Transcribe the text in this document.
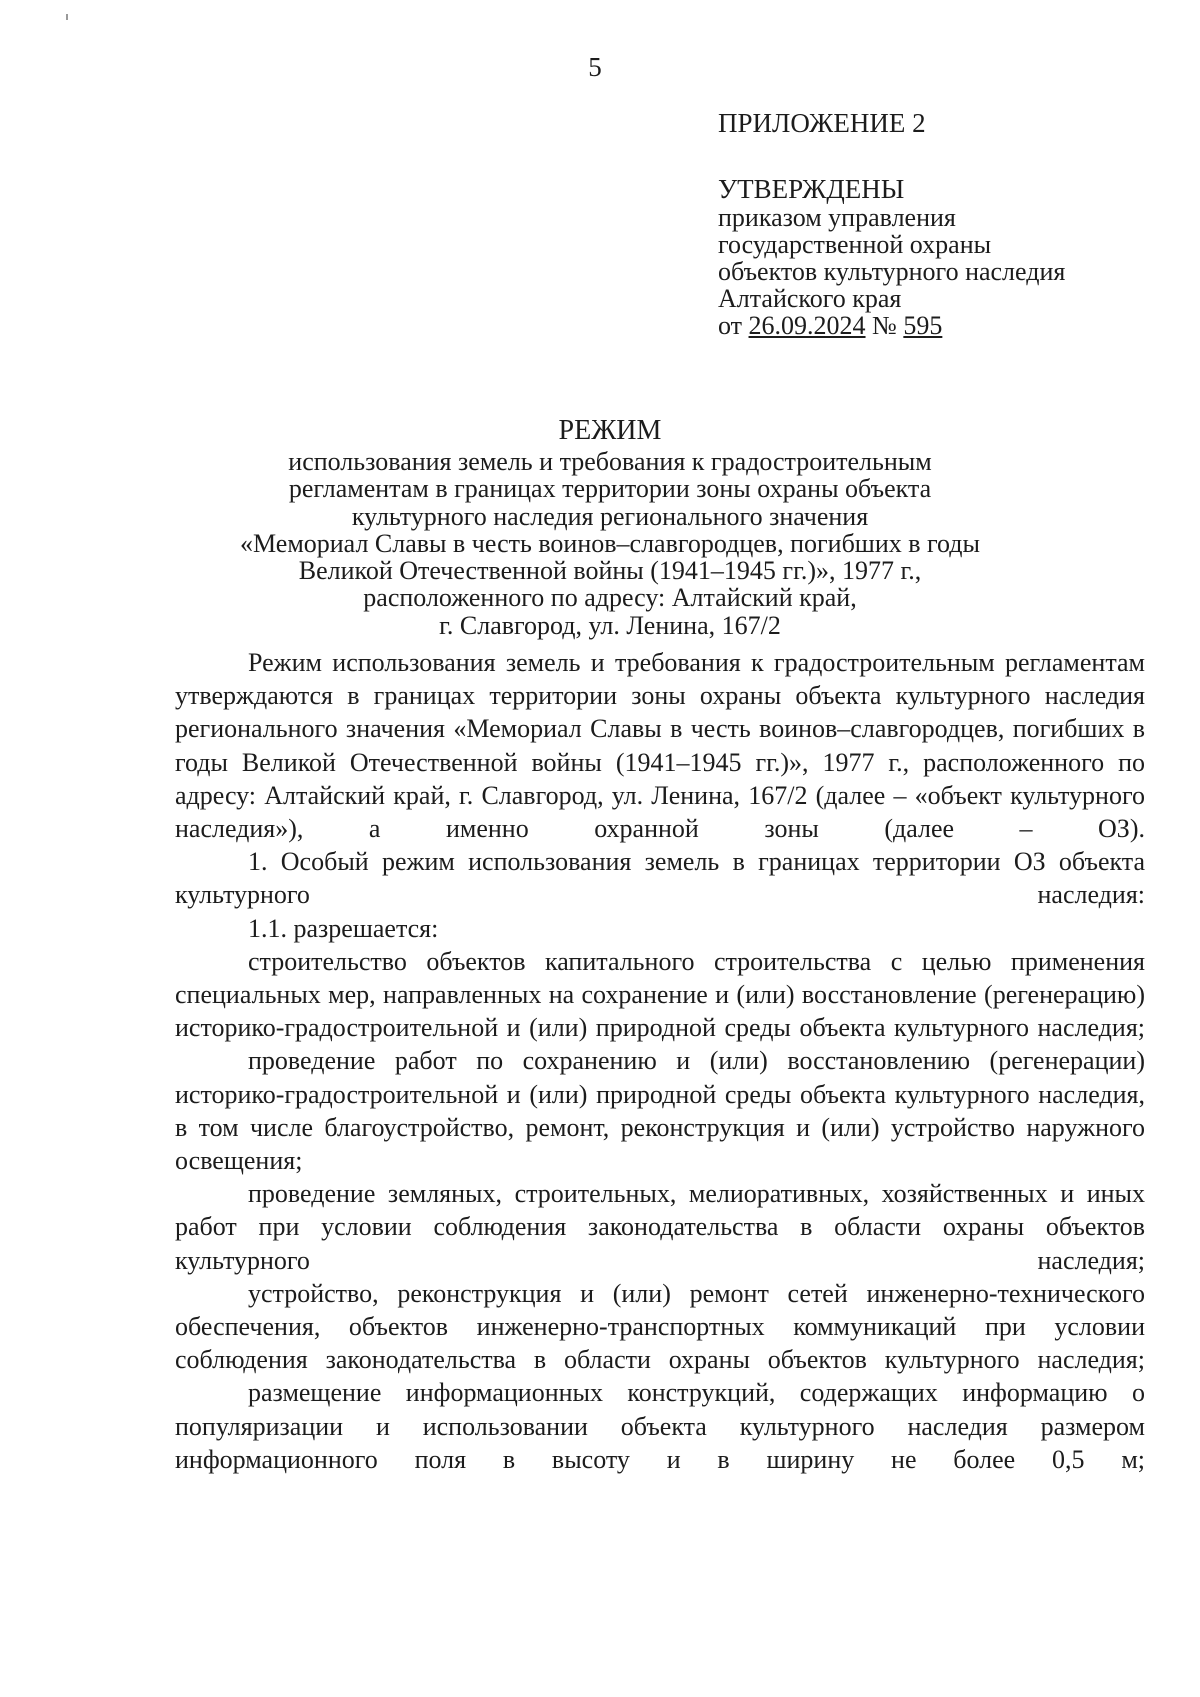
5
ПРИЛОЖЕНИЕ 2
УТВЕРЖДЕНЫ
приказом управления
государственной охраны
объектов культурного наследия
Алтайского края
от 26.09.2024 № 595
РЕЖИМ
использования земель и требования к градостроительным
регламентам в границах территории зоны охраны объекта
культурного наследия регионального значения
«Мемориал Славы в честь воинов–славгородцев, погибших в годы
Великой Отечественной войны (1941–1945 гг.)», 1977 г.,
расположенного по адресу: Алтайский край,
г. Славгород, ул. Ленина, 167/2

Режим использования земель и требования к градостроительным регламентам утверждаются в границах территории зоны охраны объекта культурного наследия регионального значения «Мемориал Славы в честь воинов–славгородцев, погибших в годы Великой Отечественной войны (1941–1945 гг.)», 1977 г., расположенного по адресу: Алтайский край, г. Славгород, ул. Ленина, 167/2 (далее – «объект культурного наследия»), а именно охранной зоны (далее – ОЗ).

1. Особый режим использования земель в границах территории ОЗ объекта культурного наследия:

1.1. разрешается:

строительство объектов капитального строительства с целью применения специальных мер, направленных на сохранение и (или) восстановление (регенерацию) историко-градостроительной и (или) природной среды объекта культурного наследия;

проведение работ по сохранению и (или) восстановлению (регенерации) историко-градостроительной и (или) природной среды объекта культурного наследия, в том числе благоустройство, ремонт, реконструкция и (или) устройство наружного освещения;

проведение земляных, строительных, мелиоративных, хозяйственных и иных работ при условии соблюдения законодательства в области охраны объектов культурного наследия;

устройство, реконструкция и (или) ремонт сетей инженерно-технического обеспечения, объектов инженерно-транспортных коммуникаций при условии соблюдения законодательства в области охраны объектов культурного наследия;

размещение информационных конструкций, содержащих информацию о популяризации и использовании объекта культурного наследия размером информационного поля в высоту и в ширину не более 0,5 м;
